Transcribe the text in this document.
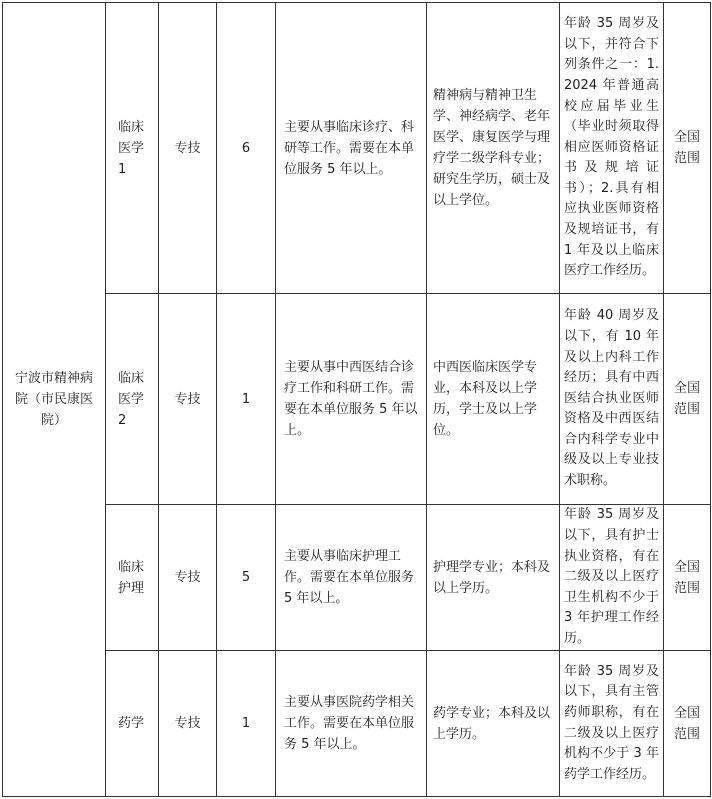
宁波市精神病院（市民康医院）	临床医学1	专技	6	主要从事临床诊疗、科研等工作。需要在本单位服务 5 年以上。	精神病与精神卫生学、神经病学、老年医学、康复医学与理疗学二级学科专业；研究生学历，硕士及以上学位。	年龄 35 周岁及以下，并符合下列条件之一：1.2024 年普通高校应届毕业生（毕业时须取得相应医师资格证书及规培证书）；2.具有相应执业医师资格及规培证书，有 1 年及以上临床医疗工作经历。	全国范围
	临床医学2	专技	1	主要从事中西医结合诊疗工作和科研工作。需要在本单位服务 5 年以上。	中西医临床医学专业，本科及以上学历，学士及以上学位。	年龄 40 周岁及以下，有 10 年及以上内科工作经历；具有中西医结合执业医师资格及中西医结合内科学专业中级及以上专业技术职称。	全国范围
	临床护理	专技	5	主要从事临床护理工作。需要在本单位服务 5 年以上。	护理学专业；本科及以上学历。	年龄 35 周岁及以下，具有护士执业资格，有在二级及以上医疗卫生机构不少于 3 年护理工作经历。	全国范围
	药学	专技	1	主要从事医院药学相关工作。需要在本单位服务 5 年以上。	药学专业；本科及以上学历。	年龄 35 周岁及以下，具有主管药师职称，有在二级及以上医疗机构不少于 3 年药学工作经历。	全国范围
